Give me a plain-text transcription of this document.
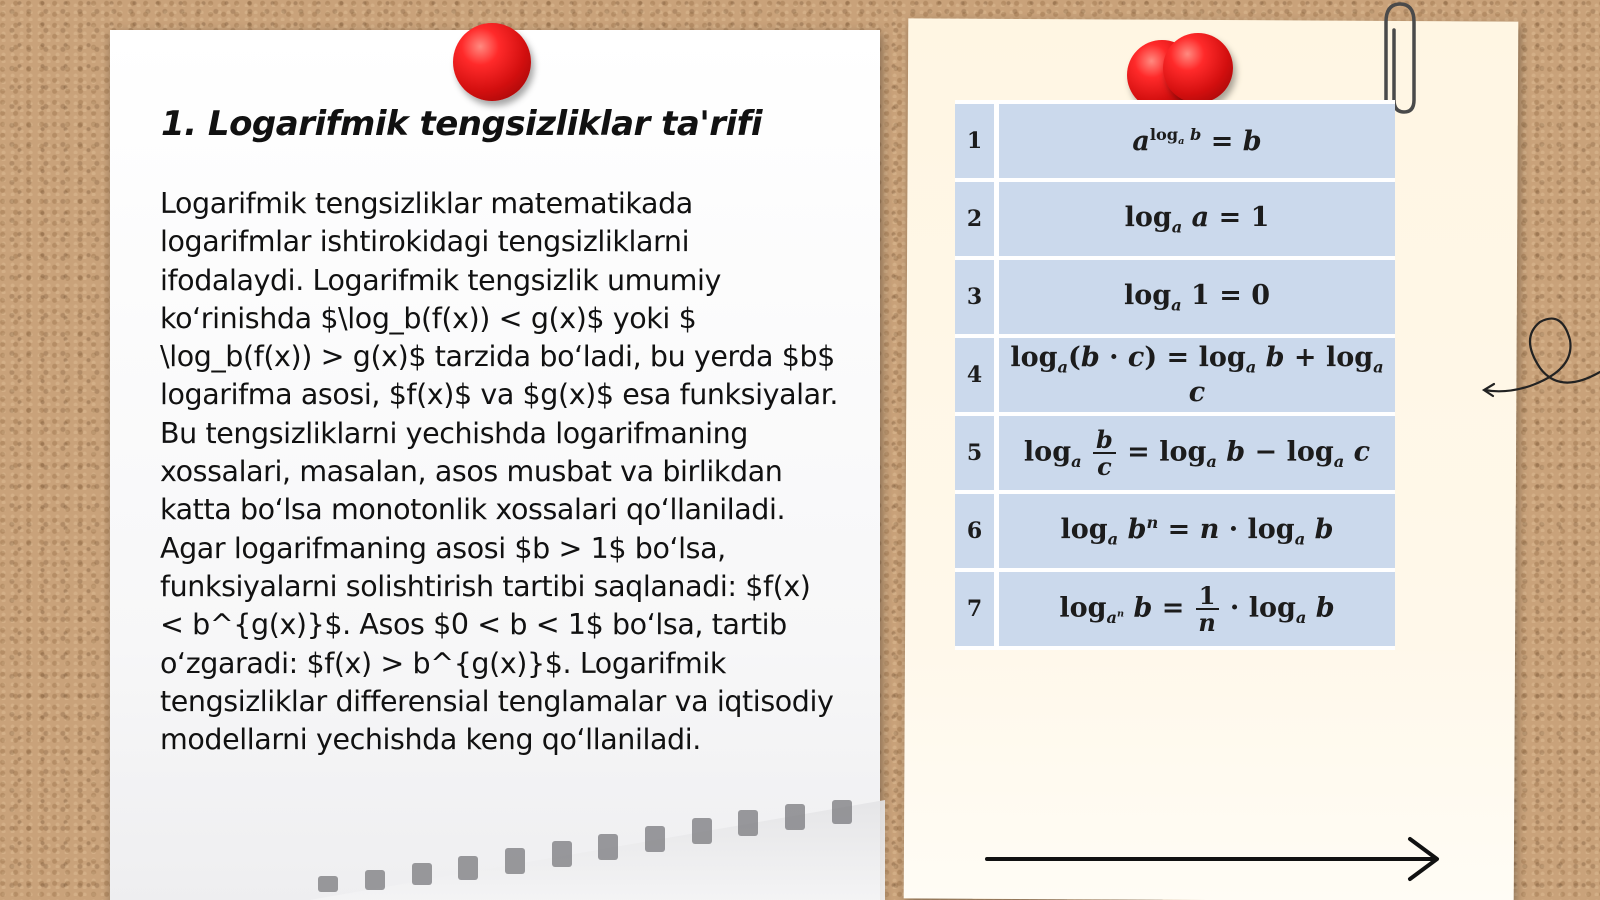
1. Logarifmik tengsizliklar ta'rifi

Logarifmik tengsizliklar matematikada logarifmlar ishtirokidagi tengsizliklarni ifodalaydi. Logarifmik tengsizlik umumiy koʻrinishda $\log_b(f(x)) < g(x)$ yoki $ \log_b(f(x)) > g(x)$ tarzida boʻladi, bu yerda $b$ logarifma asosi, $f(x)$ va $g(x)$ esa funksiyalar. Bu tengsizliklarni yechishda logarifmaning xossalari, masalan, asos musbat va birlikdan katta boʻlsa monotonlik xossalari qoʻllaniladi. Agar logarifmaning asosi $b > 1$ boʻlsa, funksiyalarni solishtirish tartibi saqlanadi: $f(x) < b^{g(x)}$. Asos $0 < b < 1$ boʻlsa, tartib oʻzgaradi: $f(x) > b^{g(x)}$. Logarifmik tengsizliklar differensial tenglamalar va iqtisodiy modellarni yechishda keng qoʻllaniladi.

1	$a^{log_a b} = b$
2	$\log_a a = 1$
3	$\log_a 1 = 0$
4	$\log_a(b \cdot c) = \log_a b + \log_a c$
5	$\log_a \frac{b}{c} = \log_a b - \log_a c$
6	$\log_a b^n = n \cdot \log_a b$
7	$\log_{a^n} b = \frac{1}{n} \cdot \log_a b$
